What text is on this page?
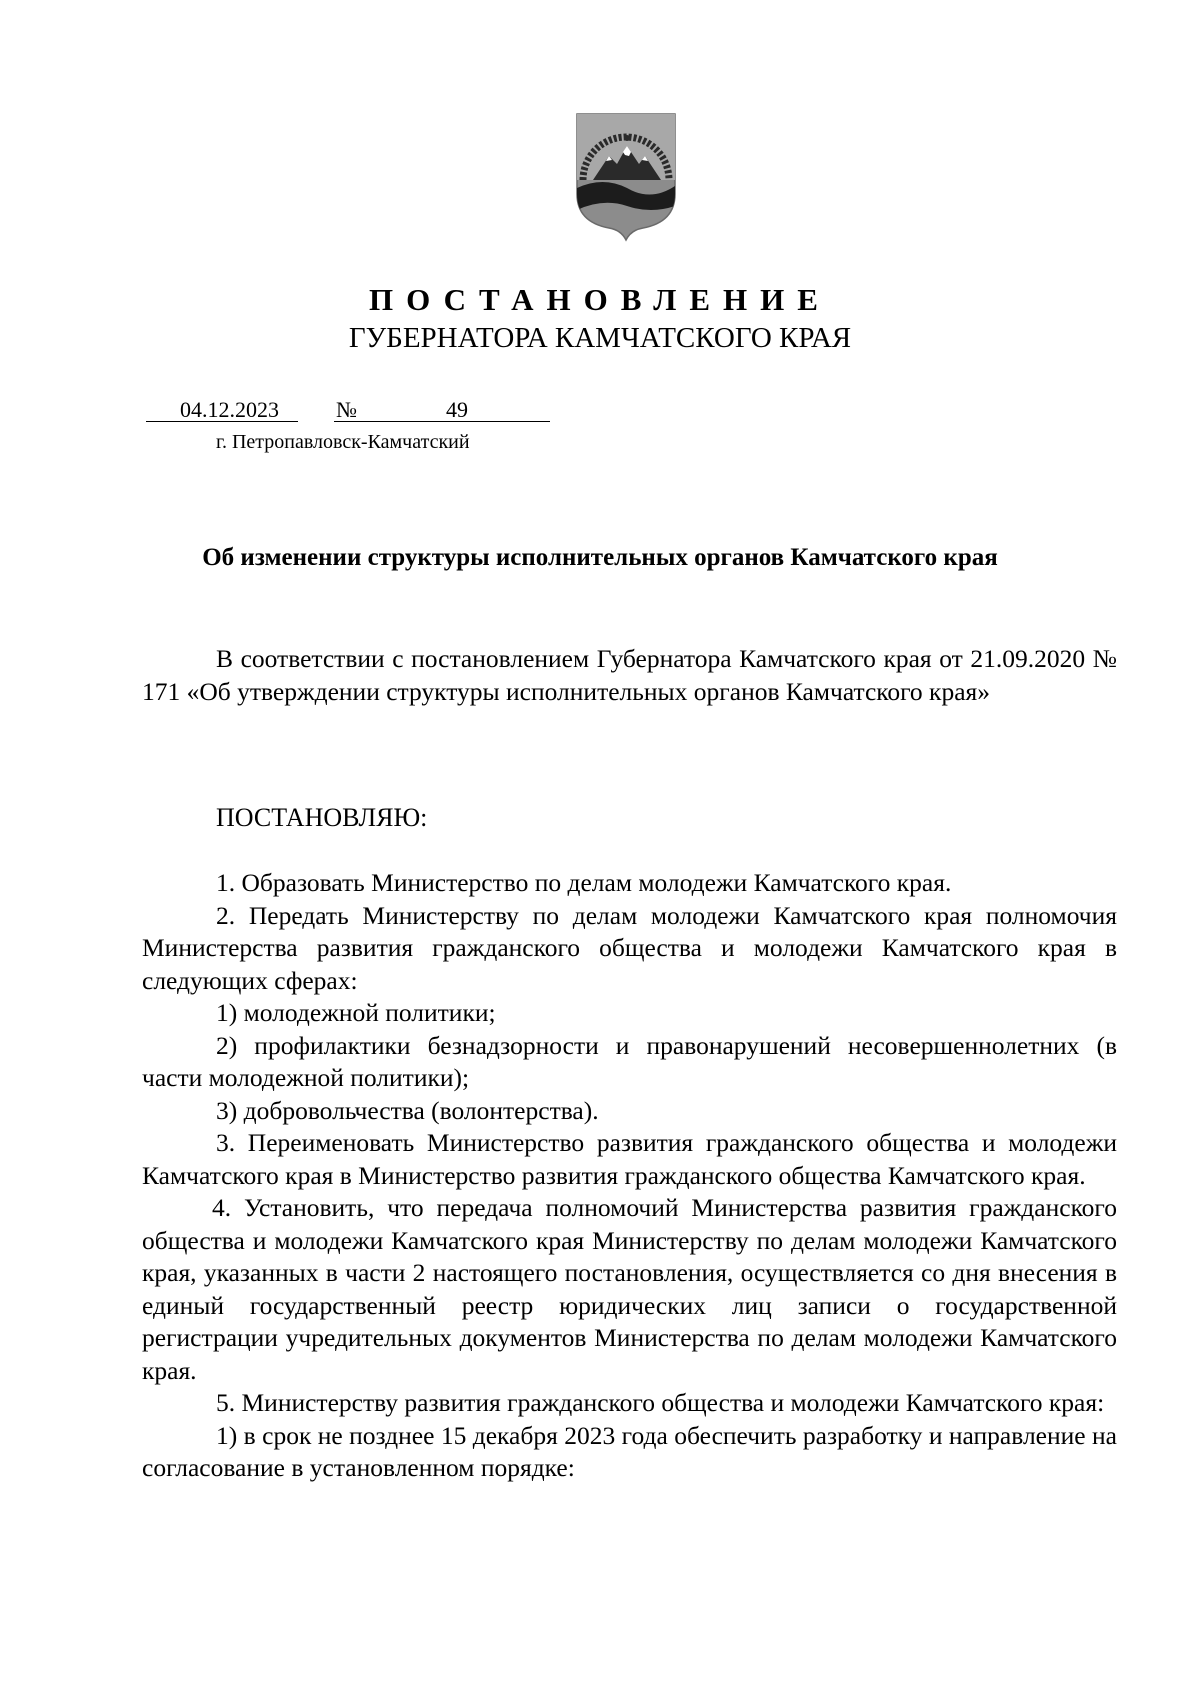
ПОСТАНОВЛЕНИЕ
ГУБЕРНАТОРА КАМЧАТСКОГО КРАЯ
04.12.2023	№	49
г. Петропавловск-Камчатский
Об изменении структуры исполнительных органов Камчатского края

В соответствии с постановлением Губернатора Камчатского края от 21.09.2020 № 171 «Об утверждении структуры исполнительных органов Камчатского края»

ПОСТАНОВЛЯЮ:

1. Образовать Министерство по делам молодежи Камчатского края.

2. Передать Министерству по делам молодежи Камчатского края полномочия Министерства развития гражданского общества и молодежи Камчатского края в следующих сферах:

1) молодежной политики;

2) профилактики безнадзорности и правонарушений несовершеннолетних (в части молодежной политики);

3) добровольчества (волонтерства).

3. Переименовать Министерство развития гражданского общества и молодежи Камчатского края в Министерство развития гражданского общества Камчатского края.

4. Установить, что передача полномочий Министерства развития гражданского общества и молодежи Камчатского края Министерству по делам молодежи Камчатского края, указанных в части 2 настоящего постановления, осуществляется со дня внесения в единый государственный реестр юридических лиц записи о государственной регистрации учредительных документов Министерства по делам молодежи Камчатского края.

5. Министерству развития гражданского общества и молодежи Камчатского края:

1) в срок не позднее 15 декабря 2023 года обеспечить разработку и направление на согласование в установленном порядке:
